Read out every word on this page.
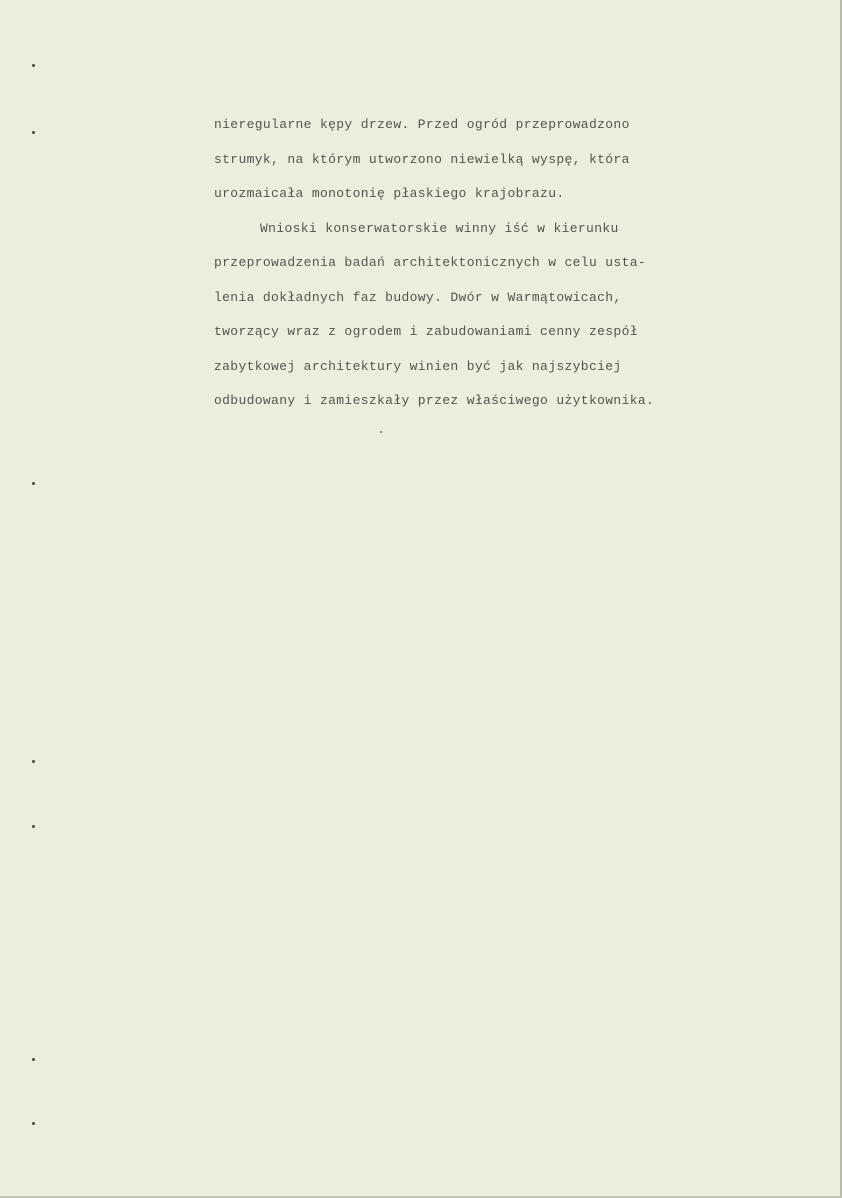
nieregularne kępy drzew. Przed ogród przeprowadzono
strumyk, na którym utworzono niewielką wyspę, która
urozmaicała monotonię płaskiego krajobrazu.
Wnioski konserwatorskie winny iść w kierunku
przeprowadzenia badań architektonicznych w celu usta-
lenia dokładnych faz budowy. Dwór w Warmątowicach,
tworzący wraz z ogrodem i zabudowaniami cenny zespół
zabytkowej architektury winien być jak najszybciej
odbudowany i zamieszkały przez właściwego użytkownika.
